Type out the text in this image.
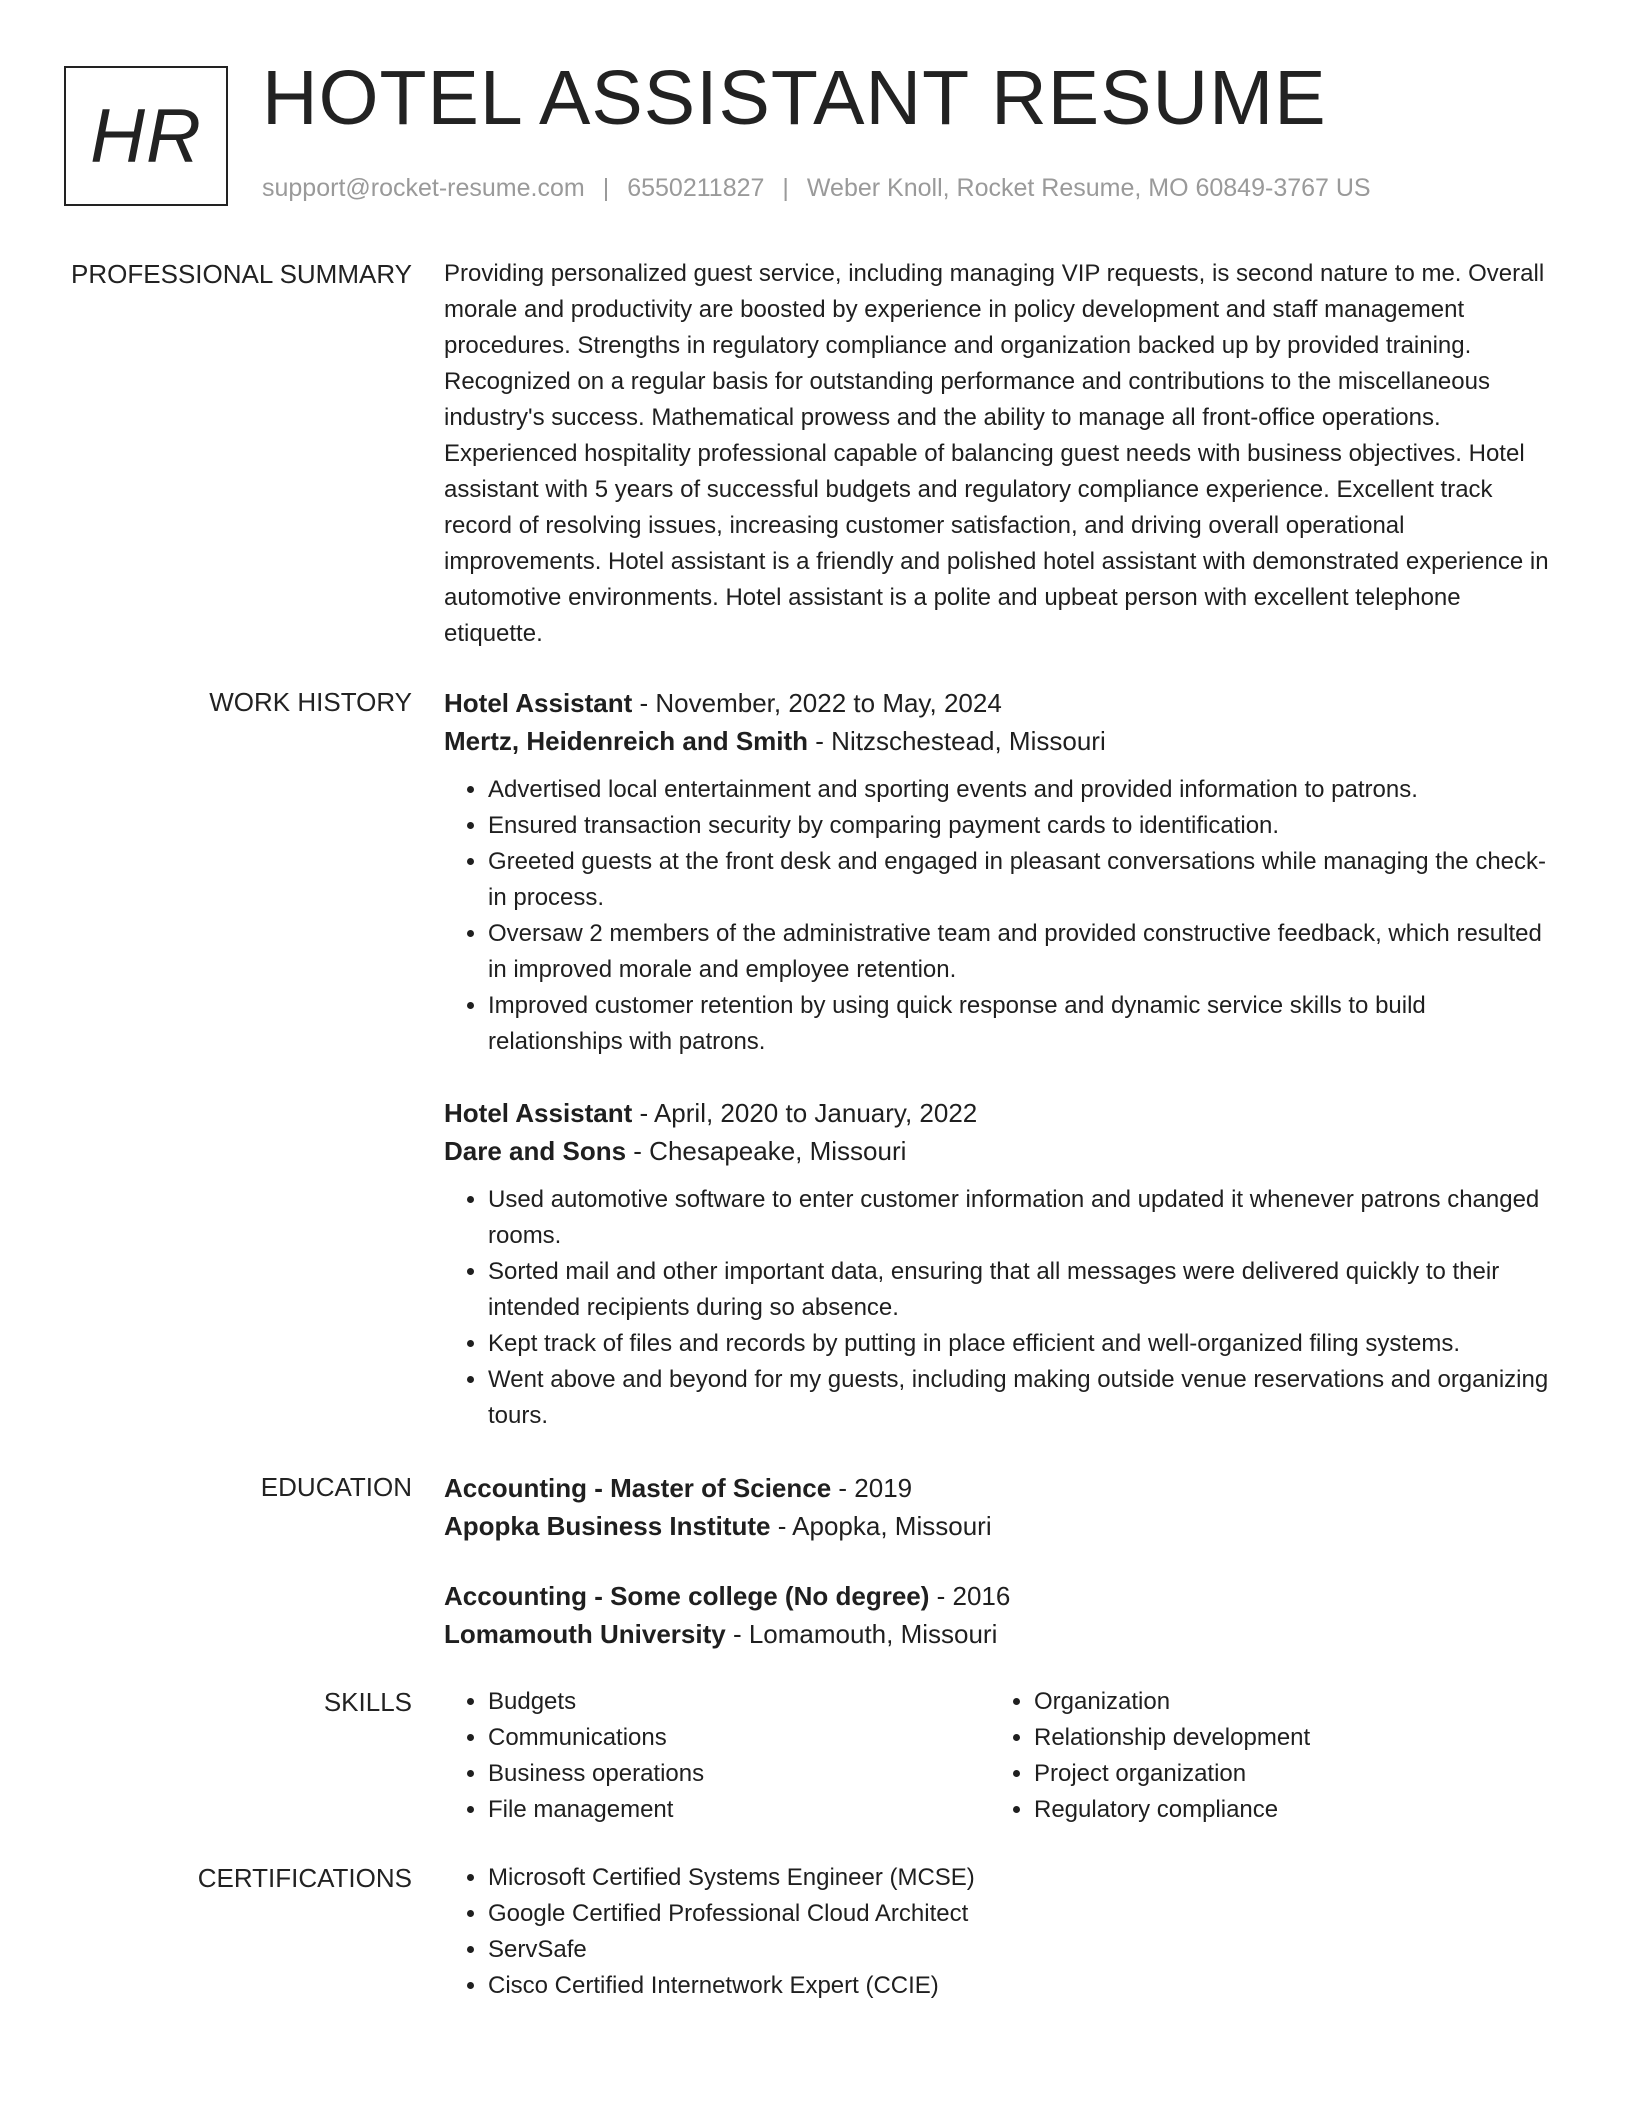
HR HOTEL ASSISTANT RESUME
support@rocket-resume.com | 6550211827 | Weber Knoll, Rocket Resume, MO 60849-3767 US
PROFESSIONAL SUMMARY Providing personalized guest service, including managing VIP requests, is second nature to me. Overall morale and productivity are boosted by experience in policy development and staff management procedures. Strengths in regulatory compliance and organization backed up by provided training. Recognized on a regular basis for outstanding performance and contributions to the miscellaneous industry's success. Mathematical prowess and the ability to manage all front-office operations. Experienced hospitality professional capable of balancing guest needs with business objectives. Hotel assistant with 5 years of successful budgets and regulatory compliance experience. Excellent track record of resolving issues, increasing customer satisfaction, and driving overall operational improvements. Hotel assistant is a friendly and polished hotel assistant with demonstrated experience in automotive environments. Hotel assistant is a polite and upbeat person with excellent telephone etiquette.

WORK HISTORY Hotel Assistant - November, 2022 to May, 2024
Mertz, Heidenreich and Smith - Nitzschestead, Missouri
• Advertised local entertainment and sporting events and provided information to patrons.
• Ensured transaction security by comparing payment cards to identification.
• Greeted guests at the front desk and engaged in pleasant conversations while managing the check-in process.
• Oversaw 2 members of the administrative team and provided constructive feedback, which resulted in improved morale and employee retention.
• Improved customer retention by using quick response and dynamic service skills to build relationships with patrons.
Hotel Assistant - April, 2020 to January, 2022
Dare and Sons - Chesapeake, Missouri
• Used automotive software to enter customer information and updated it whenever patrons changed rooms.
• Sorted mail and other important data, ensuring that all messages were delivered quickly to their intended recipients during so absence.
• Kept track of files and records by putting in place efficient and well-organized filing systems.
• Went above and beyond for my guests, including making outside venue reservations and organizing tours.
EDUCATION Accounting - Master of Science - 2019
Apopka Business Institute - Apopka, Missouri
Accounting - Some college (No degree) - 2016
Lomamouth University - Lomamouth, Missouri
SKILLS	• Budgets
• Communications
• Business operations
• File management
• Organization
• Relationship development
• Project organization
• Regulatory compliance
CERTIFICATIONS	• Microsoft Certified Systems Engineer (MCSE)
• Google Certified Professional Cloud Architect
• ServSafe
• Cisco Certified Internetwork Expert (CCIE)
